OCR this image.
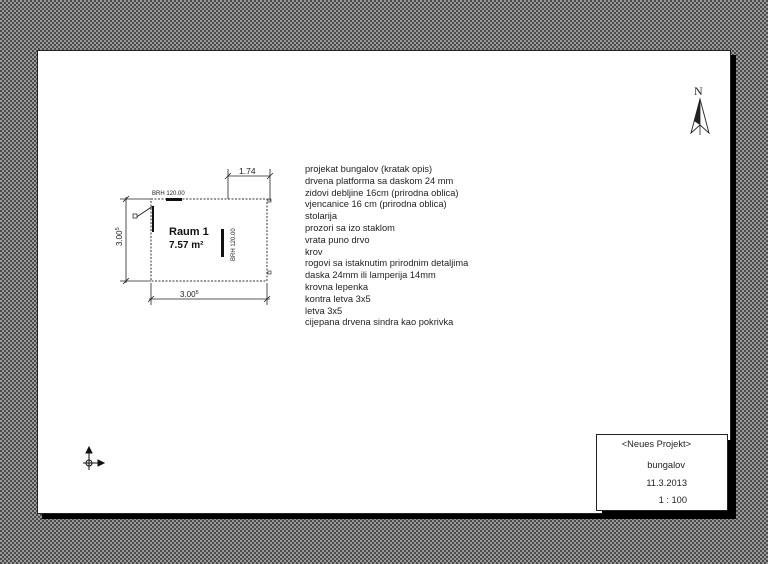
1.74
3.00$^5$
3.00$^5$
BRH 120.00
BRH 120.00
Raum 1
7.57 m²
N
projekat bungalov (kratak opis)
drvena platforma sa daskom 24 mm
zidovi debljine 16cm (prirodna oblica)
vjencanice 16 cm (prirodna oblica)
stolarija
prozori sa izo staklom
vrata puno drvo
krov
rogovi sa istaknutim prirodnim detaljima
daska 24mm ili lamperija 14mm
krovna lepenka
kontra letva 3x5
letva 3x5
cijepana drvena sindra kao pokrivka
<Neues Projekt>
bungalov
11.3.2013
1 : 100
